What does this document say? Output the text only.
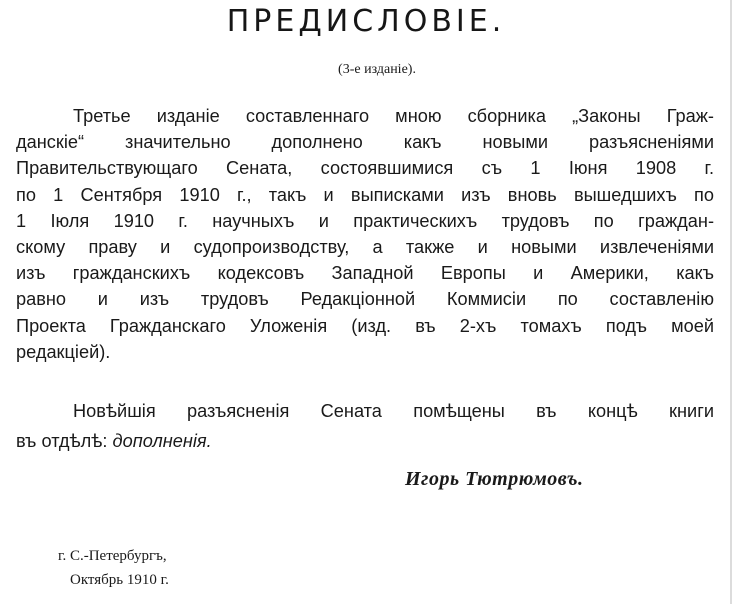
ПРЕДИСЛОВІЕ.
(3-е изданіе).
Третье изданіе составленнаго мною сборника „Законы Граж-
данскіе“ значительно дополнено какъ новыми разъясненіями
Правительствующаго Сената, состоявшимися съ 1 Іюня 1908 г.
по 1 Сентября 1910 г., такъ и выписками изъ вновь вышедшихъ по
1 Іюля 1910 г. научныхъ и практическихъ трудовъ по граждан-
скому праву и судопроизводству, а также и новыми извлеченіями
изъ гражданскихъ кодексовъ Западной Европы и Америки, какъ
равно и изъ трудовъ Редакціонной Коммисіи по составленію
Проекта Гражданскаго Уложенія (изд. въ 2-хъ томахъ подъ моей
редакціей).
Новѣйшія разъясненія Сената помѣщены въ концѣ книги
въ отдѣлѣ: дополненія.
Игорь Тютрюмовъ.
г. С.-Петербургъ,
Октябрь 1910 г.
